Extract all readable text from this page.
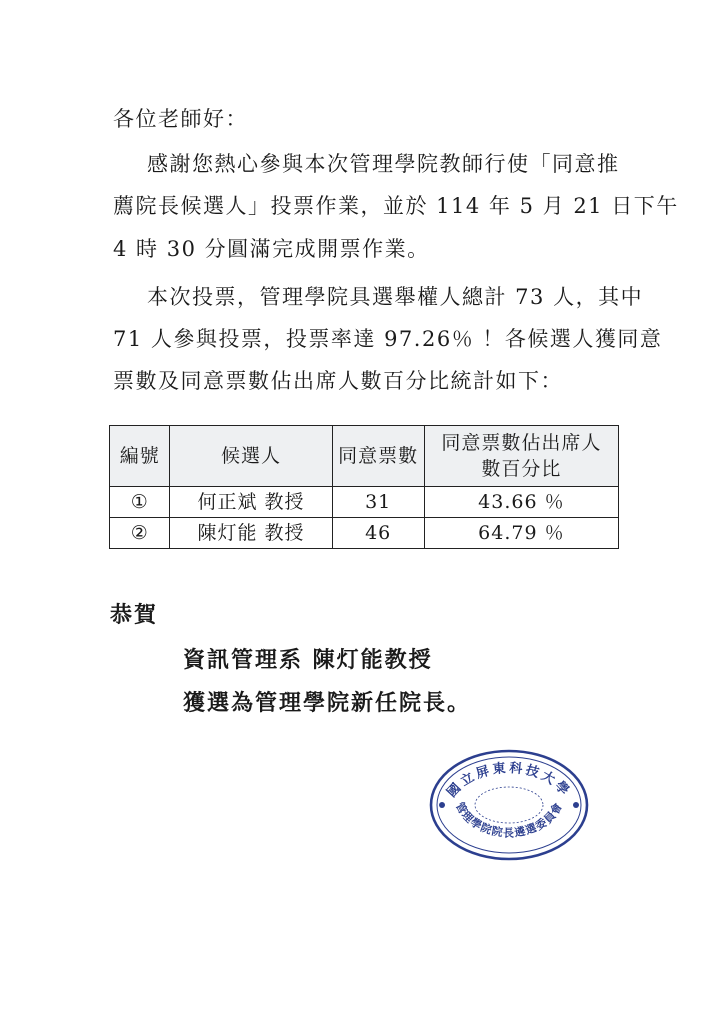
各位老師好：
感謝您熱心參與本次管理學院教師行使「同意推
薦院長候選人」投票作業，並於 114 年 5 月 21 日下午
4 時 30 分圓滿完成開票作業。
本次投票，管理學院具選舉權人總計 73 人，其中
71 人參與投票，投票率達 97.26％ ！各候選人獲同意
票數及同意票數佔出席人數百分比統計如下：
編號	候選人	同意票數	同意票數佔出席人
數百分比
①	何正斌 教授	31	43.66 ％
②	陳灯能 教授	46	64.79 ％
恭賀
資訊管理系 陳灯能教授
獲選為管理學院新任院長。
國立屏東科技大學
管理學院院長遴選委員會
